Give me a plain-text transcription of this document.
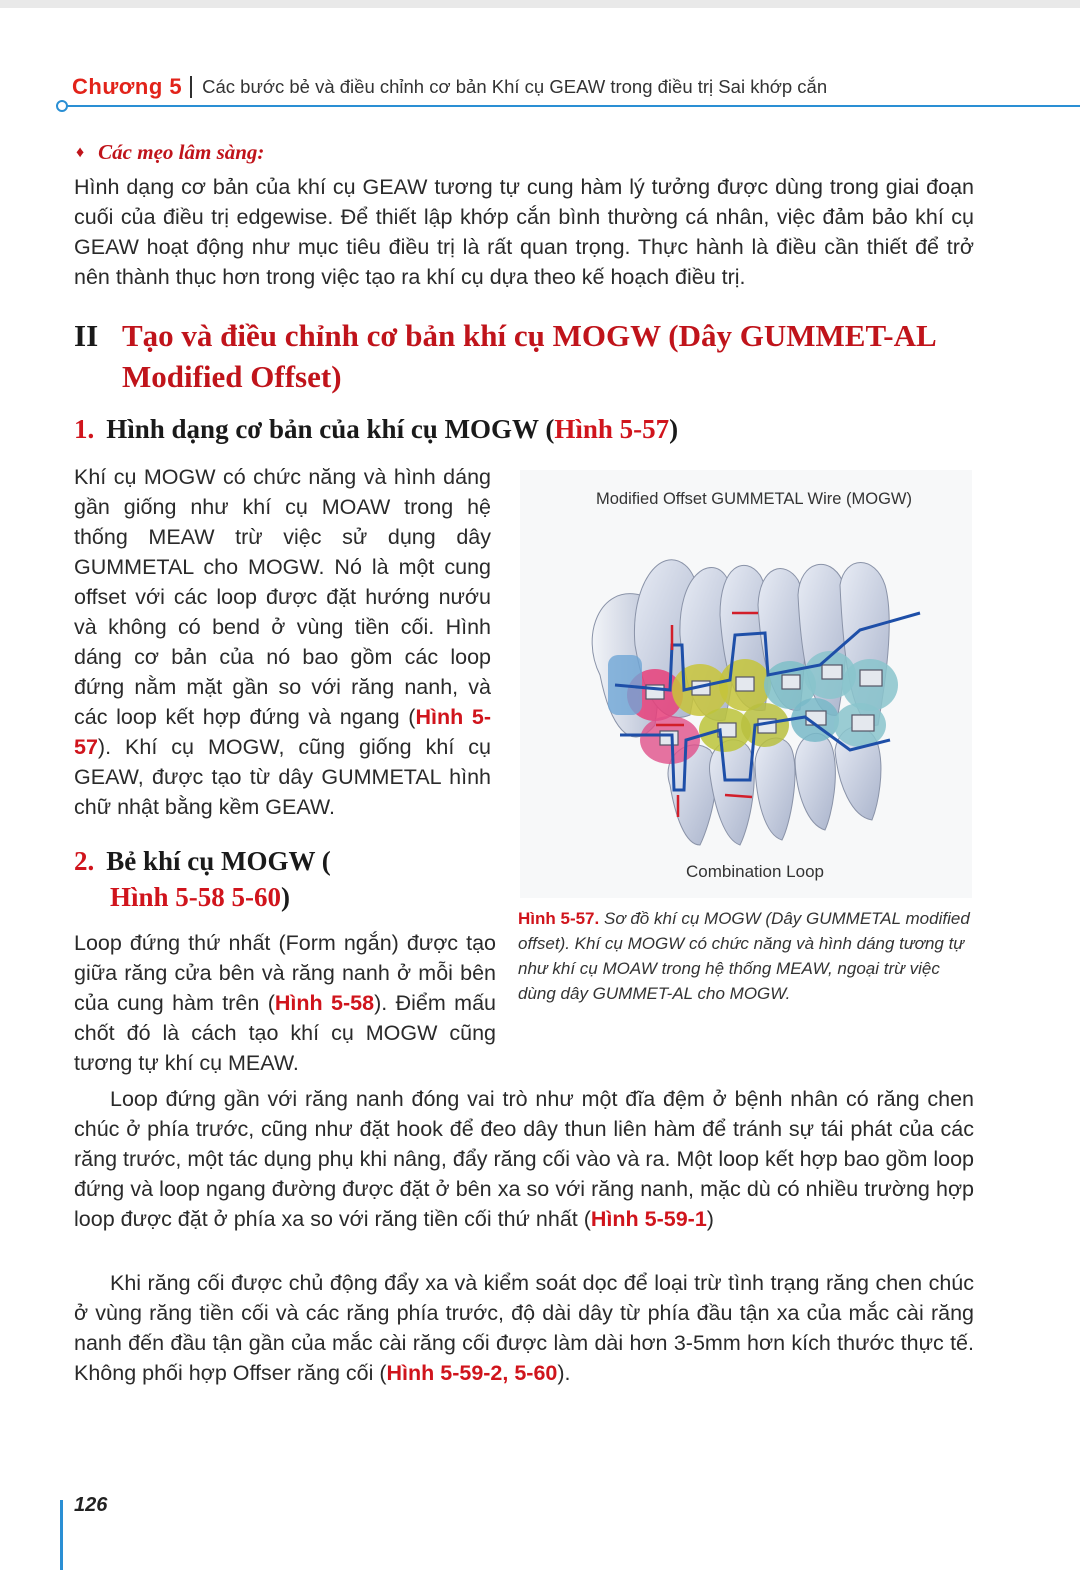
Chương 5 Các bước bẻ và điều chỉnh cơ bản Khí cụ GEAW trong điều trị Sai khớp cắn
♦ Các mẹo lâm sàng:
Hình dạng cơ bản của khí cụ GEAW tương tự cung hàm lý tưởng được dùng trong giai đoạn cuối của điều trị edgewise. Để thiết lập khớp cắn bình thường cá nhân, việc đảm bảo khí cụ GEAW hoạt động như mục tiêu điều trị là rất quan trọng. Thực hành là điều cần thiết để trở nên thành thục hơn trong việc tạo ra khí cụ dựa theo kế hoạch điều trị.
II Tạo và điều chỉnh cơ bản khí cụ MOGW (Dây GUMMET-AL Modified Offset)
1. Hình dạng cơ bản của khí cụ MOGW (Hình 5-57)
Khí cụ MOGW có chức năng và hình dáng gần giống như khí cụ MOAW trong hệ thống MEAW trừ việc sử dụng dây GUMMETAL cho MOGW. Nó là một cung offset với các loop được đặt hướng nướu và không có bend ở vùng tiền cối. Hình dáng cơ bản của nó bao gồm các loop đứng nằm mặt gần so với răng nanh, và các loop kết hợp đứng và ngang (Hình 5-57). Khí cụ MOGW, cũng giống khí cụ GEAW, được tạo từ dây GUMMETAL hình chữ nhật bằng kềm GEAW.
2. Bẻ khí cụ MOGW (
Hình 5-58 5-60)
Loop đứng thứ nhất (Form ngắn) được tạo giữa răng cửa bên và răng nanh ở mỗi bên của cung hàm trên (Hình 5-58). Điểm mấu chốt đó là cách tạo khí cụ MOGW cũng tương tự khí cụ MEAW.
Modified Offset GUMMETAL Wire (MOGW)
Combination Loop
Hình 5-57. Sơ đồ khí cụ MOGW (Dây GUMMETAL modified offset). Khí cụ MOGW có chức năng và hình dáng tương tự như khí cụ MOAW trong hệ thống MEAW, ngoại trừ việc dùng dây GUMMET-AL cho MOGW.
Loop đứng gần với răng nanh đóng vai trò như một đĩa đệm ở bệnh nhân có răng chen chúc ở phía trước, cũng như đặt hook để đeo dây thun liên hàm để tránh sự tái phát của các răng trước, một tác dụng phụ khi nâng, đẩy răng cối vào và ra. Một loop kết hợp bao gồm loop đứng và loop ngang đường được đặt ở bên xa so với răng nanh, mặc dù có nhiều trường hợp loop được đặt ở phía xa so với răng tiền cối thứ nhất (Hình 5-59-1)
Khi răng cối được chủ động đẩy xa và kiểm soát dọc để loại trừ tình trạng răng chen chúc ở vùng răng tiền cối và các răng phía trước, độ dài dây từ phía đầu tận xa của mắc cài răng nanh đến đầu tận gần của mắc cài răng cối được làm dài hơn 3-5mm hơn kích thước thực tế. Không phối hợp Offser răng cối (Hình 5-59-2, 5-60).
126
